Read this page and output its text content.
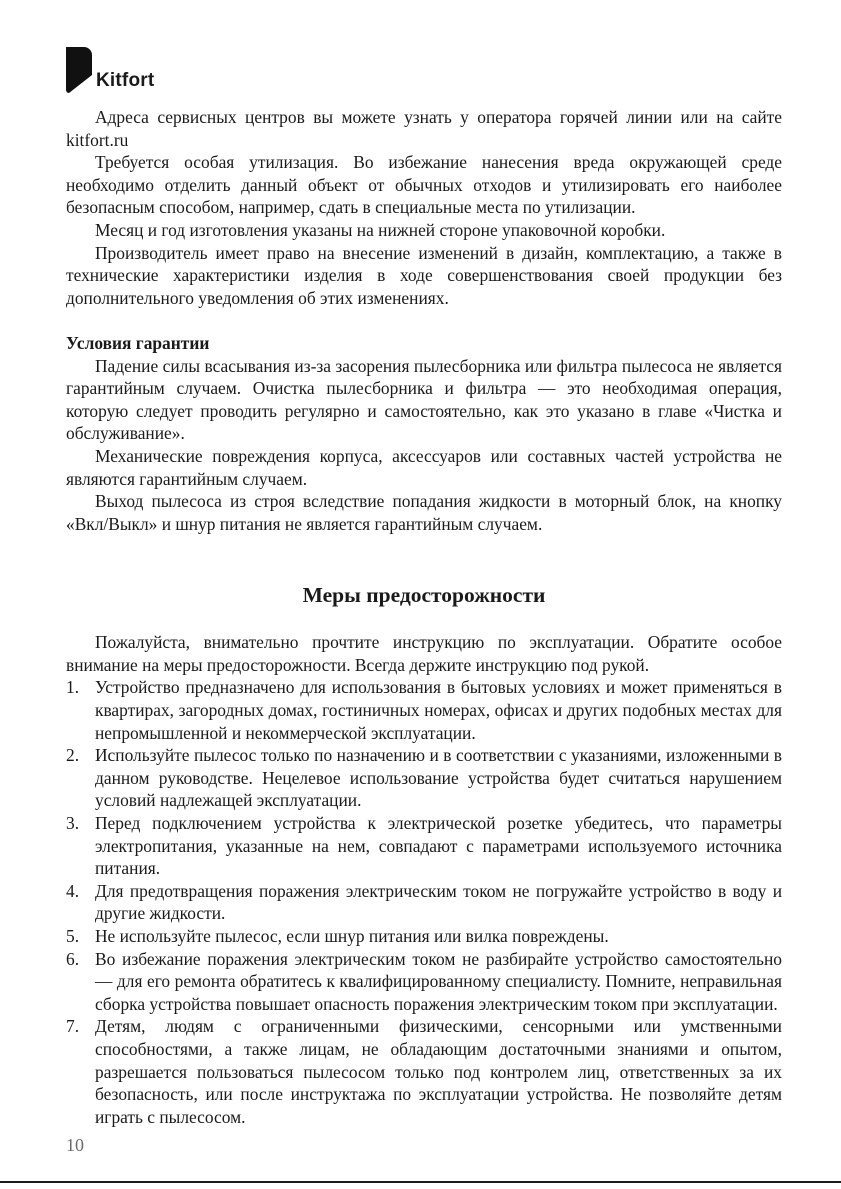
Kitfort

Адреса сервисных центров вы можете узнать у оператора горячей линии или на сайте kitfort.ru

Требуется особая утилизация. Во избежание нанесения вреда окружающей среде необходимо отделить данный объект от обычных отходов и утилизировать его наиболее безопасным способом, например, сдать в специальные места по утилизации.

Месяц и год изготовления указаны на нижней стороне упаковочной коробки.

Производитель имеет право на внесение изменений в дизайн, комплектацию, а также в технические характеристики изделия в ходе совершенствования своей продукции без дополнительного уведомления об этих изменениях.

Условия гарантии

Падение силы всасывания из-за засорения пылесборника или фильтра пылесоса не является гарантийным случаем. Очистка пылесборника и фильтра — это необходимая операция, которую следует проводить регулярно и самостоятельно, как это указано в главе «Чистка и обслуживание».

Механические повреждения корпуса, аксессуаров или составных частей устройства не являются гарантийным случаем.

Выход пылесоса из строя вследствие попадания жидкости в моторный блок, на кнопку «Вкл/Выкл» и шнур питания не является гарантийным случаем.

Меры предосторожности

Пожалуйста, внимательно прочтите инструкцию по эксплуатации. Обратите особое внимание на меры предосторожности. Всегда держите инструкцию под рукой.

1. Устройство предназначено для использования в бытовых условиях и может применяться в квартирах, загородных домах, гостиничных номерах, офисах и других подобных местах для непромышленной и некоммерческой эксплуатации.
2. Используйте пылесос только по назначению и в соответствии с указаниями, изложенными в данном руководстве. Нецелевое использование устройства будет считаться нарушением условий надлежащей эксплуатации.
3. Перед подключением устройства к электрической розетке убедитесь, что параметры электропитания, указанные на нем, совпадают с параметрами используемого источника питания.
4. Для предотвращения поражения электрическим током не погружайте устройство в воду и другие жидкости.
5. Не используйте пылесос, если шнур питания или вилка повреждены.
6. Во избежание поражения электрическим током не разбирайте устройство самостоятельно — для его ремонта обратитесь к квалифицированному специалисту. Помните, неправильная сборка устройства повышает опасность поражения электрическим током при эксплуатации.
7. Детям, людям с ограниченными физическими, сенсорными или умственными способностями, а также лицам, не обладающим достаточными знаниями и опытом, разрешается пользоваться пылесосом только под контролем лиц, ответственных за их безопасность, или после инструктажа по эксплуатации устройства. Не позволяйте детям играть с пылесосом.
10
